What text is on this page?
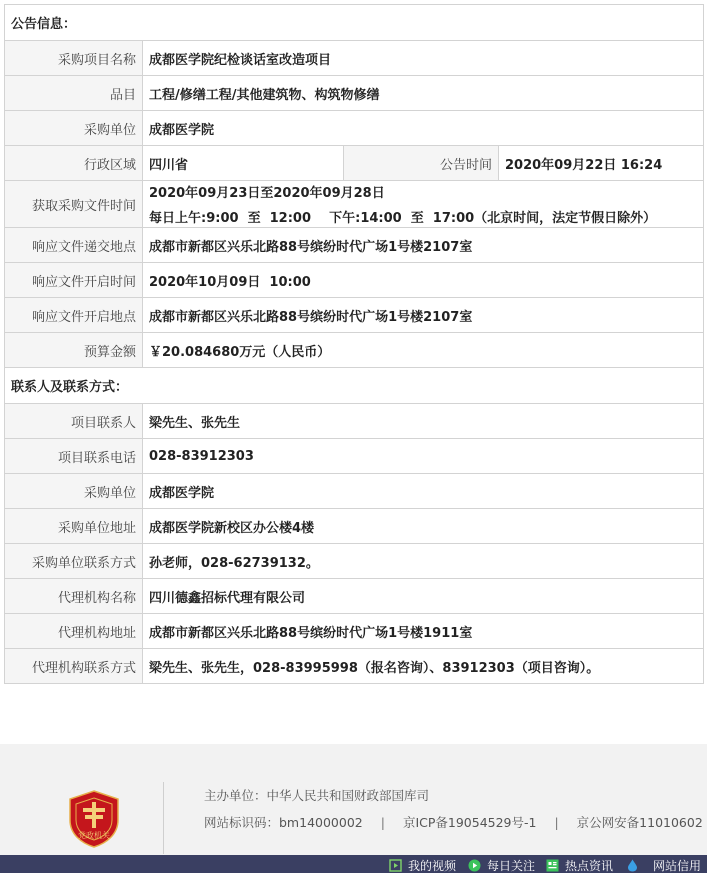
公告信息：			
采购项目名称	成都医学院纪检谈话室改造项目		
品目	工程/修缮工程/其他建筑物、构筑物修缮		
采购单位	成都医学院		
行政区域	四川省	公告时间	2020年09月22日 16:24
获取采购文件时间	2020年09月23日至2020年09月28日
每日上午:9:00  至  12:00    下午:14:00  至  17:00（北京时间，法定节假日除外）		

响应文件递交地点	成都市新都区兴乐北路88号缤纷时代广场1号楼2107室		
响应文件开启时间	2020年10月09日  10:00		
响应文件开启地点	成都市新都区兴乐北路88号缤纷时代广场1号楼2107室		
预算金额	￥20.084680万元（人民币）		
联系人及联系方式：			
项目联系人	梁先生、张先生		
项目联系电话	028-83912303		
采购单位	成都医学院		
采购单位地址	成都医学院新校区办公楼4楼		
采购单位联系方式	孙老师，028-62739132。		
代理机构名称	四川德鑫招标代理有限公司		
代理机构地址	成都市新都区兴乐北路88号缤纷时代广场1号楼1911室		
代理机构联系方式	梁先生、张先生，028-83995998（报名咨询）、83912303（项目咨询）。		
党政机关
主办单位：中华人民共和国财政部国库司
网站标识码：bm14000002 | 京ICP备19054529号-1 | 京公网安备11010602
我的视频	每日关注 热点资讯	网站信用
